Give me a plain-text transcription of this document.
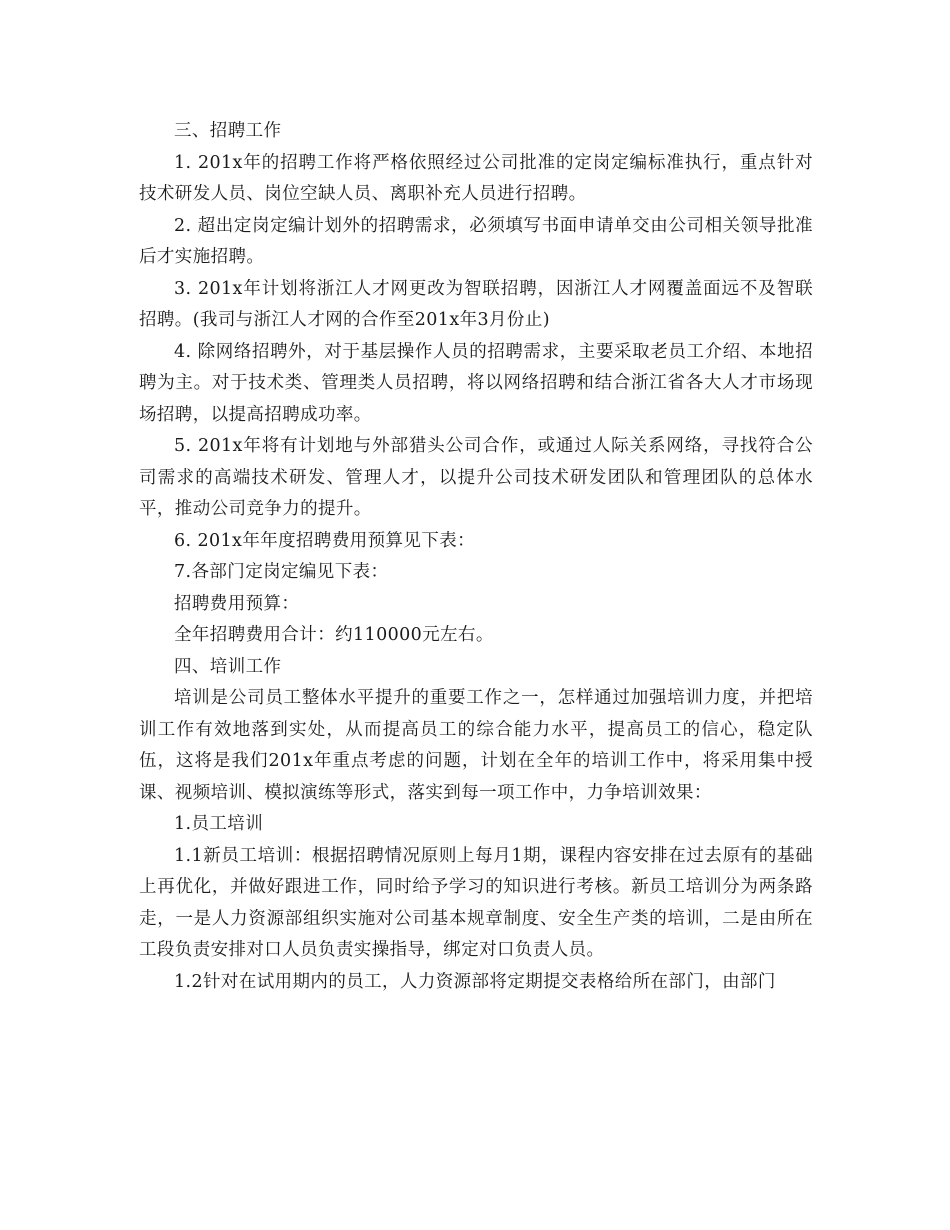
三、招聘工作

1. 201x年的招聘工作将严格依照经过公司批准的定岗定编标准执行，重点针对技术研发人员、岗位空缺人员、离职补充人员进行招聘。

2. 超出定岗定编计划外的招聘需求，必须填写书面申请单交由公司相关领导批准后才实施招聘。

3. 201x年计划将浙江人才网更改为智联招聘，因浙江人才网覆盖面远不及智联招聘。(我司与浙江人才网的合作至201x年3月份止)

4. 除网络招聘外，对于基层操作人员的招聘需求，主要采取老员工介绍、本地招聘为主。对于技术类、管理类人员招聘，将以网络招聘和结合浙江省各大人才市场现场招聘，以提高招聘成功率。

5. 201x年将有计划地与外部猎头公司合作，或通过人际关系网络，寻找符合公司需求的高端技术研发、管理人才，以提升公司技术研发团队和管理团队的总体水平，推动公司竞争力的提升。

6. 201x年年度招聘费用预算见下表：

7.各部门定岗定编见下表：

招聘费用预算：

全年招聘费用合计：约110000元左右。

四、培训工作

培训是公司员工整体水平提升的重要工作之一，怎样通过加强培训力度，并把培训工作有效地落到实处，从而提高员工的综合能力水平，提高员工的信心，稳定队伍，这将是我们201x年重点考虑的问题，计划在全年的培训工作中，将采用集中授课、视频培训、模拟演练等形式，落实到每一项工作中，力争培训效果：

1.员工培训

1.1新员工培训：根据招聘情况原则上每月1期，课程内容安排在过去原有的基础上再优化，并做好跟进工作，同时给予学习的知识进行考核。新员工培训分为两条路走，一是人力资源部组织实施对公司基本规章制度、安全生产类的培训，二是由所在工段负责安排对口人员负责实操指导，绑定对口负责人员。

1.2针对在试用期内的员工，人力资源部将定期提交表格给所在部门，由部门
